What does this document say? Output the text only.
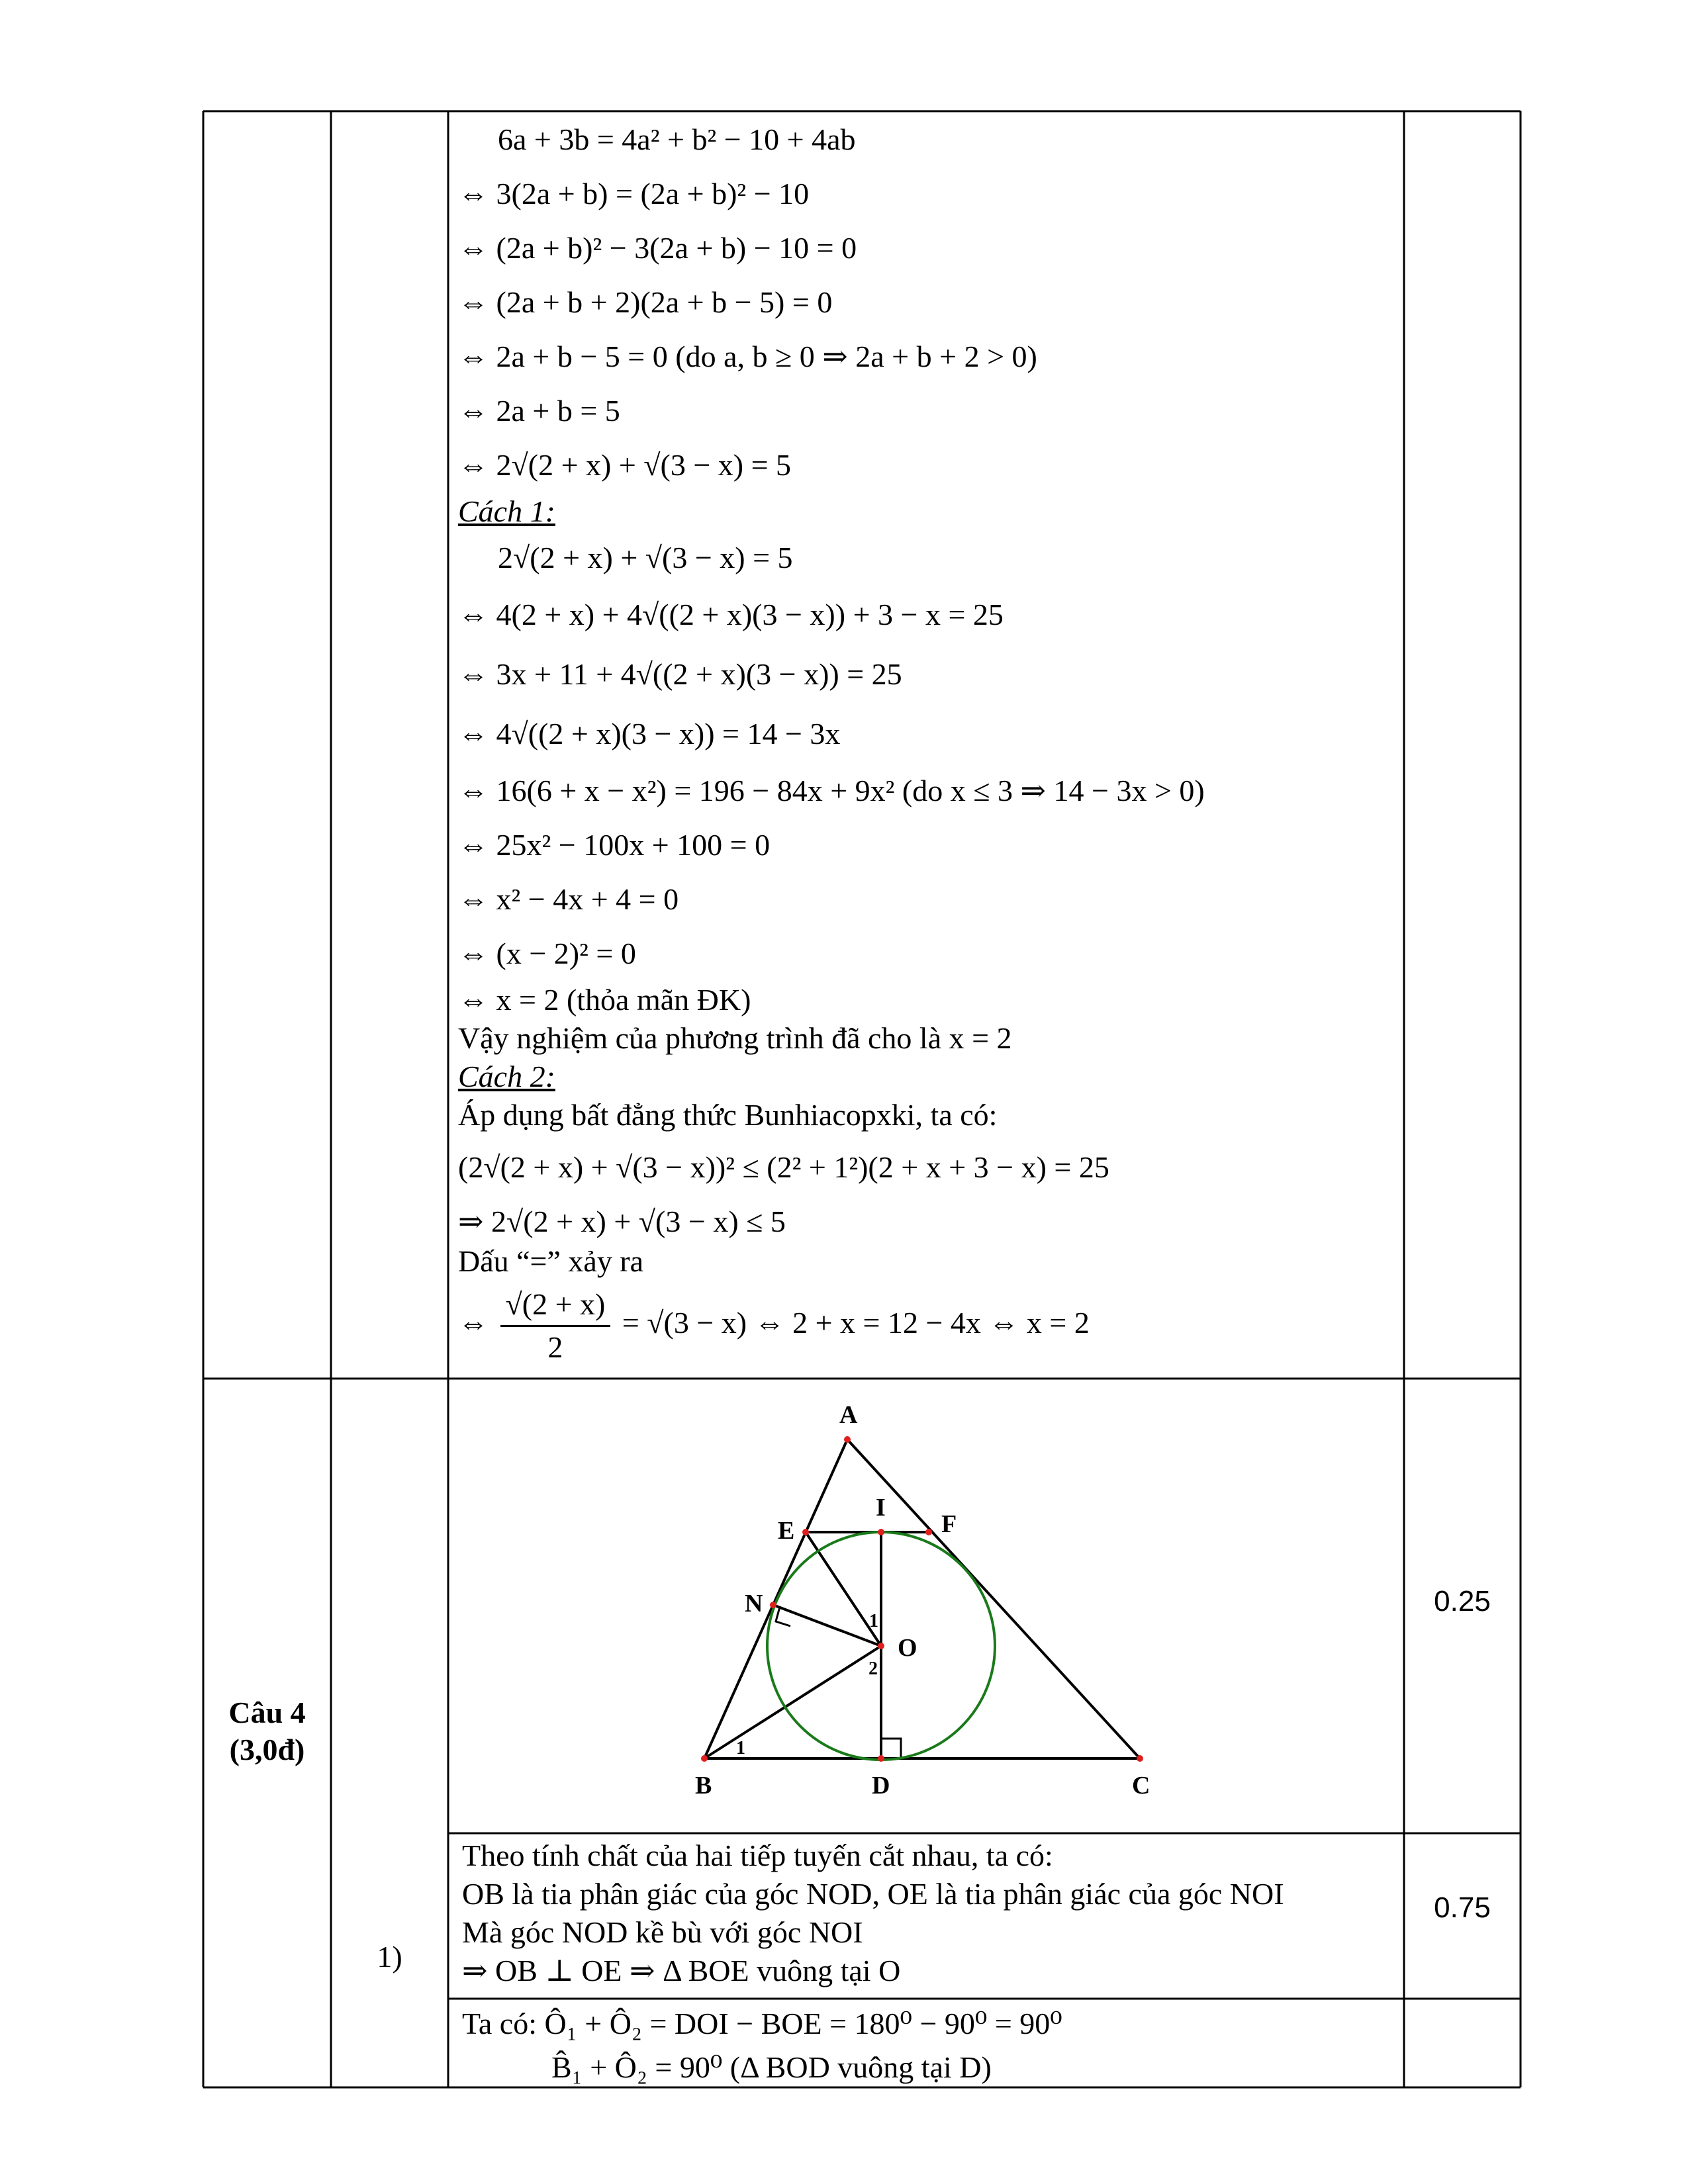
6a + 3b = 4a² + b² − 10 + 4ab
⇔ 3(2a + b) = (2a + b)² − 10
⇔ (2a + b)² − 3(2a + b) − 10 = 0
⇔ (2a + b + 2)(2a + b − 5) = 0
⇔ 2a + b − 5 = 0 (do a, b ≥ 0 ⇒ 2a + b + 2 > 0)
⇔ 2a + b = 5
⇔ 2√(2 + x) + √(3 − x) = 5
Cách 1:
2√(2 + x) + √(3 − x) = 5
⇔ 4(2 + x) + 4√((2 + x)(3 − x)) + 3 − x = 25
⇔ 3x + 11 + 4√((2 + x)(3 − x)) = 25
⇔ 4√((2 + x)(3 − x)) = 14 − 3x
⇔ 16(6 + x − x²) = 196 − 84x + 9x² (do x ≤ 3 ⇒ 14 − 3x > 0)
⇔ 25x² − 100x + 100 = 0
⇔ x² − 4x + 4 = 0
⇔ (x − 2)² = 0
⇔ x = 2 (thỏa mãn ĐK)
Vậy nghiệm của phương trình đã cho là x = 2
Cách 2:
Áp dụng bất đẳng thức Bunhiacopxki, ta có:
(2√(2 + x) + √(3 − x))² ≤ (2² + 1²)(2 + x + 3 − x) = 25
⇒ 2√(2 + x) + √(3 − x) ≤ 5
Dấu “=” xảy ra
⇔ $\frac{√(2 + x)}{2} = √(3 - x)$ ⇔ 2 + x = 12 − 4x ⇔ x = 2
Câu 4
(3,0đ)
A
B	C
D
E	F
I
N
O
1
2
1
0.25
0.75
1)
Theo tính chất của hai tiếp tuyến cắt nhau, ta có:
OB là tia phân giác của góc NOD, OE là tia phân giác của góc NOI
Mà góc NOD kề bù với góc NOI
⇒ OB ⊥ OE ⇒ Δ BOE vuông tại O
Ta có: Ô₁ + Ô₂ = DOI − BOE = 180⁰ − 90⁰ = 90⁰
B̂₁ + Ô₂ = 90⁰ (Δ BOD vuông tại D)
